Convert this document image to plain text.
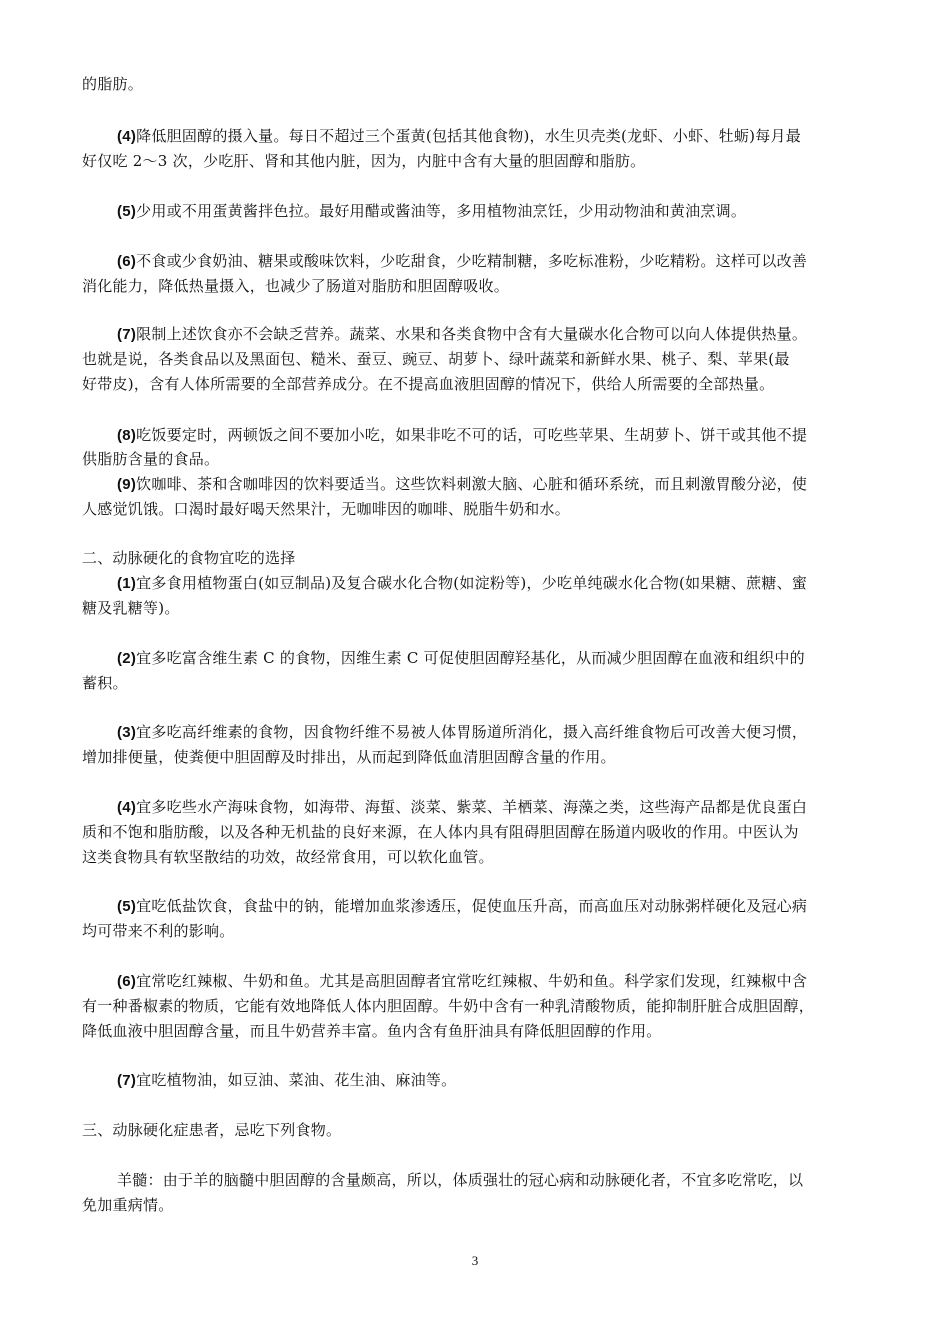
的脂肪。
(4)降低胆固醇的摄入量。每日不超过三个蛋黄(包括其他食物)，水生贝壳类(龙虾、小虾、牡蛎)每月最
好仅吃 2～3 次，少吃肝、肾和其他内脏，因为，内脏中含有大量的胆固醇和脂肪。
(5)少用或不用蛋黄酱拌色拉。最好用醋或酱油等，多用植物油烹饪，少用动物油和黄油烹调。
(6)不食或少食奶油、糖果或酸味饮料，少吃甜食，少吃精制糖，多吃标准粉，少吃精粉。这样可以改善
消化能力，降低热量摄入，也减少了肠道对脂肪和胆固醇吸收。
(7)限制上述饮食亦不会缺乏营养。蔬菜、水果和各类食物中含有大量碳水化合物可以向人体提供热量。
也就是说，各类食品以及黑面包、糙米、蚕豆、豌豆、胡萝卜、绿叶蔬菜和新鲜水果、桃子、梨、苹果(最
好带皮)，含有人体所需要的全部营养成分。在不提高血液胆固醇的情况下，供给人所需要的全部热量。
(8)吃饭要定时，两顿饭之间不要加小吃，如果非吃不可的话，可吃些苹果、生胡萝卜、饼干或其他不提
供脂肪含量的食品。
(9)饮咖啡、茶和含咖啡因的饮料要适当。这些饮料刺激大脑、心脏和循环系统，而且刺激胃酸分泌，使
人感觉饥饿。口渴时最好喝天然果汁，无咖啡因的咖啡、脱脂牛奶和水。
二、动脉硬化的食物宜吃的选择
(1)宜多食用植物蛋白(如豆制品)及复合碳水化合物(如淀粉等)，少吃单纯碳水化合物(如果糖、蔗糖、蜜
糖及乳糖等)。
(2)宜多吃富含维生素 C 的食物，因维生素 C 可促使胆固醇羟基化，从而减少胆固醇在血液和组织中的
蓄积。
(3)宜多吃高纤维素的食物，因食物纤维不易被人体胃肠道所消化，摄入高纤维食物后可改善大便习惯，
增加排便量，使粪便中胆固醇及时排出，从而起到降低血清胆固醇含量的作用。
(4)宜多吃些水产海味食物，如海带、海蜇、淡菜、紫菜、羊栖菜、海藻之类，这些海产品都是优良蛋白
质和不饱和脂肪酸，以及各种无机盐的良好来源，在人体内具有阻碍胆固醇在肠道内吸收的作用。中医认为
这类食物具有软坚散结的功效，故经常食用，可以软化血管。
(5)宜吃低盐饮食，食盐中的钠，能增加血浆渗透压，促使血压升高，而高血压对动脉粥样硬化及冠心病
均可带来不利的影响。
(6)宜常吃红辣椒、牛奶和鱼。尤其是高胆固醇者宜常吃红辣椒、牛奶和鱼。科学家们发现，红辣椒中含
有一种番椒素的物质，它能有效地降低人体内胆固醇。牛奶中含有一种乳清酸物质，能抑制肝脏合成胆固醇，
降低血液中胆固醇含量，而且牛奶营养丰富。鱼内含有鱼肝油具有降低胆固醇的作用。
(7)宜吃植物油，如豆油、菜油、花生油、麻油等。
三、动脉硬化症患者，忌吃下列食物。
羊髓：由于羊的脑髓中胆固醇的含量颇高，所以，体质强壮的冠心病和动脉硬化者，不宜多吃常吃，以
免加重病情。
3
